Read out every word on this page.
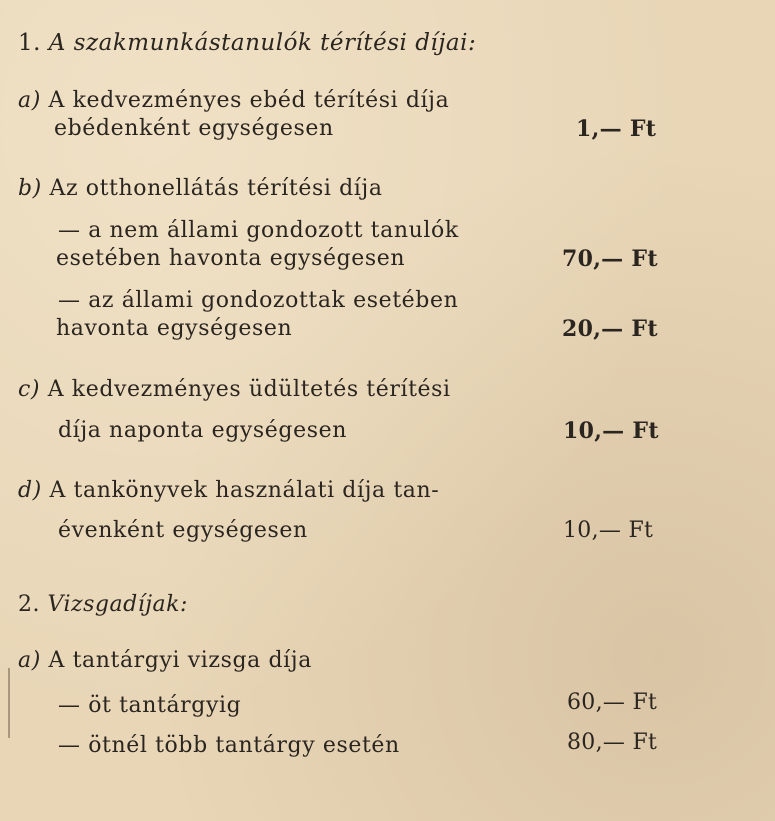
1. A szakmunkástanulók térítési díjai:
a) A kedvezményes ebéd térítési díja
ebédenként egységesen	1,— Ft
b) Az otthonellátás térítési díja
— a nem állami gondozott tanulók
esetében havonta egységesen	70,— Ft
— az állami gondozottak esetében
havonta egységesen	20,— Ft
c) A kedvezményes üdültetés térítési
díja naponta egységesen	10,— Ft
d) A tankönyvek használati díja tan-
évenként egységesen	10,— Ft
2. Vizsgadíjak:
a) A tantárgyi vizsga díja
— öt tantárgyig	60,— Ft
— ötnél több tantárgy esetén	80,— Ft
